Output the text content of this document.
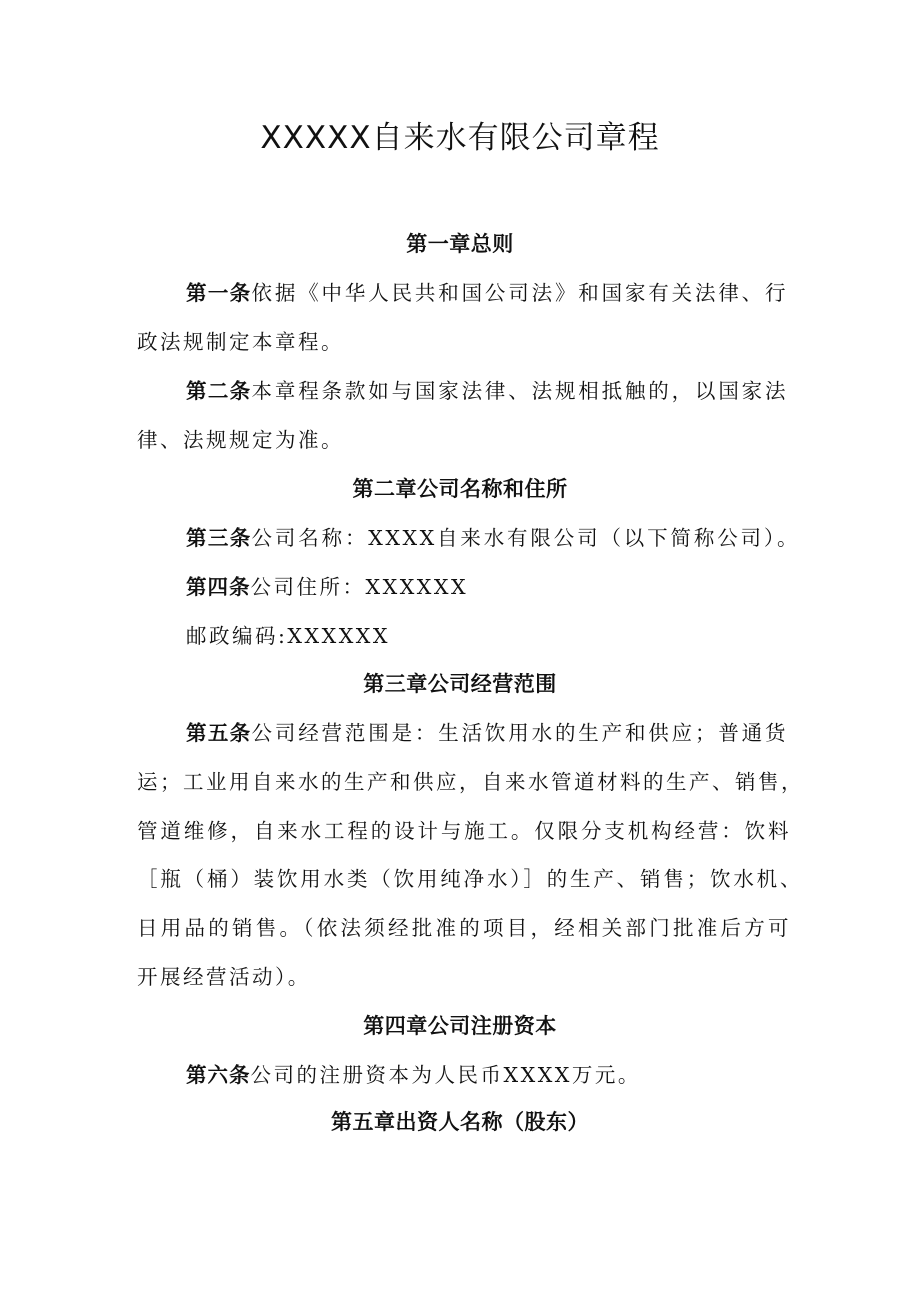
XXXXX自来水有限公司章程
第一章总则
第一条依据《中华人民共和国公司法》和国家有关法律、行
政法规制定本章程。
第二条本章程条款如与国家法律、法规相抵触的，以国家法
律、法规规定为准。
第二章公司名称和住所
第三条公司名称：XXXX自来水有限公司（以下简称公司）。
第四条公司住所：XXXXXX
邮政编码:XXXXXX
第三章公司经营范围
第五条公司经营范围是：生活饮用水的生产和供应；普通货
运；工业用自来水的生产和供应，自来水管道材料的生产、销售，
管道维修，自来水工程的设计与施工。仅限分支机构经营：饮料
［瓶（桶）装饮用水类（饮用纯净水）］的生产、销售；饮水机、
日用品的销售。（依法须经批准的项目，经相关部门批准后方可
开展经营活动）。
第四章公司注册资本
第六条公司的注册资本为人民币XXXX万元。
第五章出资人名称（股东）
